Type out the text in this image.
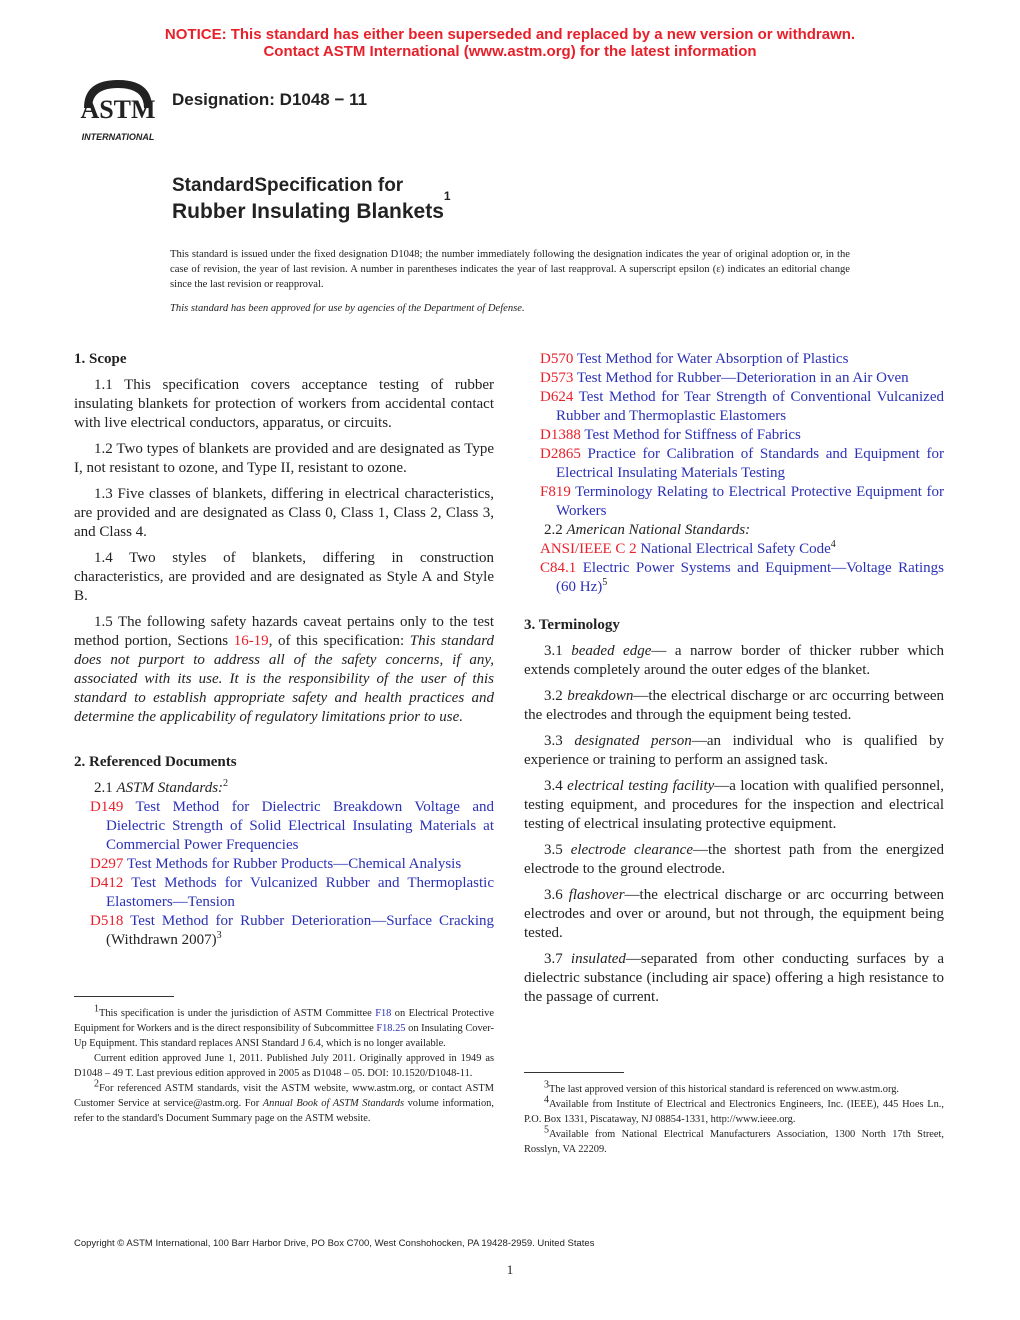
NOTICE: This standard has either been superseded and replaced by a new version or withdrawn.
Contact ASTM International (www.astm.org) for the latest information
ASTM
INTERNATIONAL
Designation: D1048 − 11
StandardSpecification for
Rubber Insulating Blankets$^1$
This standard is issued under the fixed designation D1048; the number immediately following the designation indicates the year of original adoption or, in the case of revision, the year of last revision. A number in parentheses indicates the year of last reapproval. A superscript epsilon (ε) indicates an editorial change since the last revision or reapproval.
This standard has been approved for use by agencies of the Department of Defense.
1. Scope

1.1 This specification covers acceptance testing of rubber insulating blankets for protection of workers from accidental contact with live electrical conductors, apparatus, or circuits.

1.2 Two types of blankets are provided and are designated as Type I, not resistant to ozone, and Type II, resistant to ozone.

1.3 Five classes of blankets, differing in electrical characteristics, are provided and are designated as Class 0, Class 1, Class 2, Class 3, and Class 4.

1.4 Two styles of blankets, differing in construction characteristics, are provided and are designated as Style A and Style B.

1.5 The following safety hazards caveat pertains only to the test method portion, Sections 16-19, of this specification: This standard does not purport to address all of the safety concerns, if any, associated with its use. It is the responsibility of the user of this standard to establish appropriate safety and health practices and determine the applicability of regulatory limitations prior to use.

2. Referenced Documents

2.1 ASTM Standards:$^2$

D149 Test Method for Dielectric Breakdown Voltage and Dielectric Strength of Solid Electrical Insulating Materials at Commercial Power Frequencies

D297 Test Methods for Rubber Products—Chemical Analysis

D412 Test Methods for Vulcanized Rubber and Thermoplastic Elastomers—Tension

D518 Test Method for Rubber Deterioration—Surface Cracking (Withdrawn 2007)$^3$

D570 Test Method for Water Absorption of Plastics

D573 Test Method for Rubber—Deterioration in an Air Oven

D624 Test Method for Tear Strength of Conventional Vulcanized Rubber and Thermoplastic Elastomers

D1388 Test Method for Stiffness of Fabrics

D2865 Practice for Calibration of Standards and Equipment for Electrical Insulating Materials Testing

F819 Terminology Relating to Electrical Protective Equipment for Workers

2.2 American National Standards:

ANSI/IEEE C 2 National Electrical Safety Code$^4$

C84.1 Electric Power Systems and Equipment—Voltage Ratings (60 Hz)$^5$

3. Terminology

3.1 beaded edge— a narrow border of thicker rubber which extends completely around the outer edges of the blanket.

3.2 breakdown—the electrical discharge or arc occurring between the electrodes and through the equipment being tested.

3.3 designated person—an individual who is qualified by experience or training to perform an assigned task.

3.4 electrical testing facility—a location with qualified personnel, testing equipment, and procedures for the inspection and electrical testing of electrical insulating protective equipment.

3.5 electrode clearance—the shortest path from the energized electrode to the ground electrode.

3.6 flashover—the electrical discharge or arc occurring between electrodes and over or around, but not through, the equipment being tested.

3.7 insulated—separated from other conducting surfaces by a dielectric substance (including air space) offering a high resistance to the passage of current.

$^1$This specification is under the jurisdiction of ASTM Committee F18 on Electrical Protective Equipment for Workers and is the direct responsibility of Subcommittee F18.25 on Insulating Cover-Up Equipment. This standard replaces ANSI Standard J 6.4, which is no longer available.

Current edition approved June 1, 2011. Published July 2011. Originally approved in 1949 as D1048 – 49 T. Last previous edition approved in 2005 as D1048 – 05. DOI: 10.1520/D1048-11.

$^2$For referenced ASTM standards, visit the ASTM website, www.astm.org, or contact ASTM Customer Service at service@astm.org. For Annual Book of ASTM Standards volume information, refer to the standard's Document Summary page on the ASTM website.

$^3$The last approved version of this historical standard is referenced on www.astm.org.

$^4$Available from Institute of Electrical and Electronics Engineers, Inc. (IEEE), 445 Hoes Ln., P.O. Box 1331, Piscataway, NJ 08854-1331, http://www.ieee.org.

$^5$Available from National Electrical Manufacturers Association, 1300 North 17th Street, Rosslyn, VA 22209.

Copyright © ASTM International, 100 Barr Harbor Drive, PO Box C700, West Conshohocken, PA 19428-2959. United States
1
